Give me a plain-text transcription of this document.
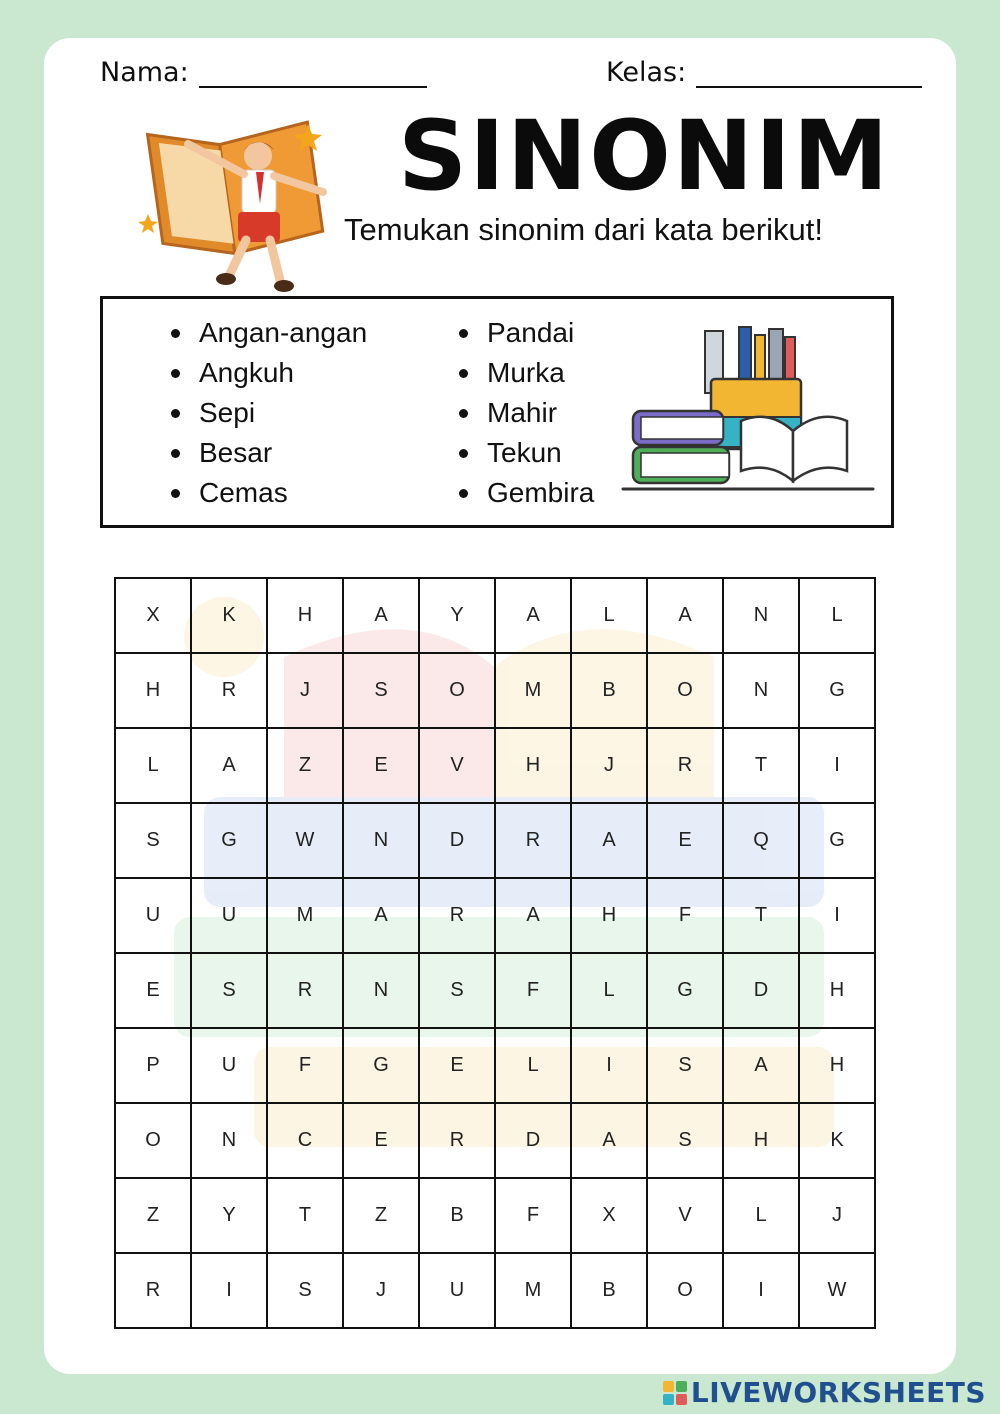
Nama:	Kelas:
SINONIM
Temukan sinonim dari kata berikut!
Angan-angan
Angkuh
Sepi
Besar
Cemas
Pandai
Murka
Mahir
Tekun
Gembira
X	K	H	A	Y	A	L	A	N	L
H	R	J	S	O	M	B	O	N	G
L	A	Z	E	V	H	J	R	T	I
S	G	W	N	D	R	A	E	Q	G
U	U	M	A	R	A	H	F	T	I
E	S	R	N	S	F	L	G	D	H
P	U	F	G	E	L	I	S	A	H
O	N	C	E	R	D	A	S	H	K
Z	Y	T	Z	B	F	X	V	L	J
R	I	S	J	U	M	B	O	I	W
LIVEWORKSHEETS
